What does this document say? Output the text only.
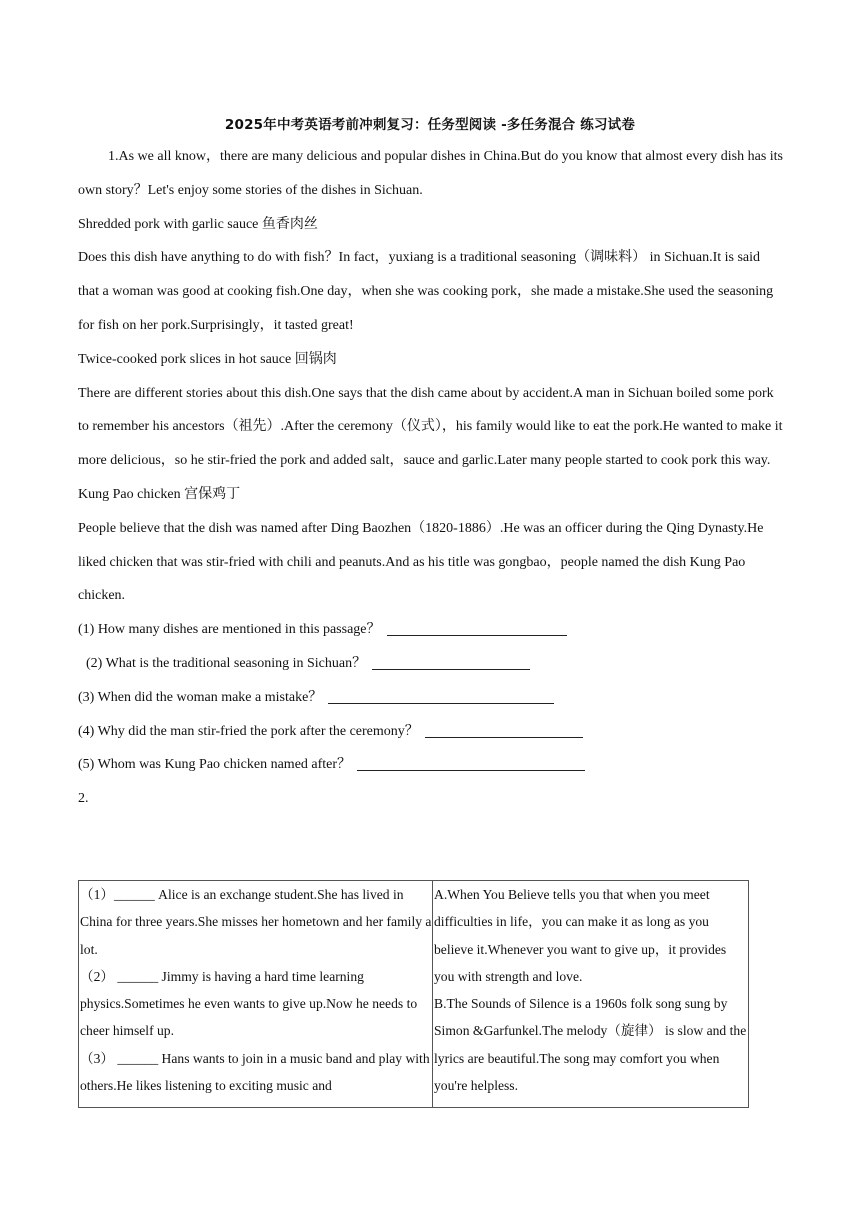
2025年中考英语考前冲刺复习：任务型阅读 -多任务混合 练习试卷

1.As we all know，there are many delicious and popular dishes in China.But do you know that almost every dish has its own story？Let's enjoy some stories of the dishes in Sichuan.

Shredded pork with garlic sauce 鱼香肉丝

Does this dish have anything to do with fish？In fact，yuxiang is a traditional seasoning（调味料） in Sichuan.It is said that a woman was good at cooking fish.One day，when she was cooking pork，she made a mistake.She used the seasoning for fish on her pork.Surprisingly，it tasted great!

Twice-cooked pork slices in hot sauce 回锅肉

There are different stories about this dish.One says that the dish came about by accident.A man in Sichuan boiled some pork to remember his ancestors（祖先）.After the ceremony（仪式），his family would like to eat the pork.He wanted to make it more delicious，so he stir-fried the pork and added salt，sauce and garlic.Later many people started to cook pork this way.

Kung Pao chicken 宫保鸡丁

People believe that the dish was named after Ding Baozhen（1820-1886）.He was an officer during the Qing Dynasty.He liked chicken that was stir-fried with chili and peanuts.And as his title was gongbao，people named the dish Kung Pao chicken.

(1) How many dishes are mentioned in this passage？

(2) What is the traditional seasoning in Sichuan？

(3) When did the woman make a mistake？

(4) Why did the man stir-fried the pork after the ceremony？

(5) Whom was Kung Pao chicken named after？

2.

（1）______ Alice is an exchange student.She has lived in China for three years.She misses her hometown and her family a lot.
（2） ______ Jimmy is having a hard time learning physics.Sometimes he even wants to give up.Now he needs to cheer himself up.
（3） ______ Hans wants to join in a music band and play with others.He likes listening to exciting music and

A.When You Believe tells you that when you meet difficulties in life，you can make it as long as you believe it.Whenever you want to give up，it provides you with strength and love.
B.The Sounds of Silence is a 1960s folk song sung by Simon &Garfunkel.The melody（旋律） is slow and the lyrics are beautiful.The song may comfort you when you're helpless.
